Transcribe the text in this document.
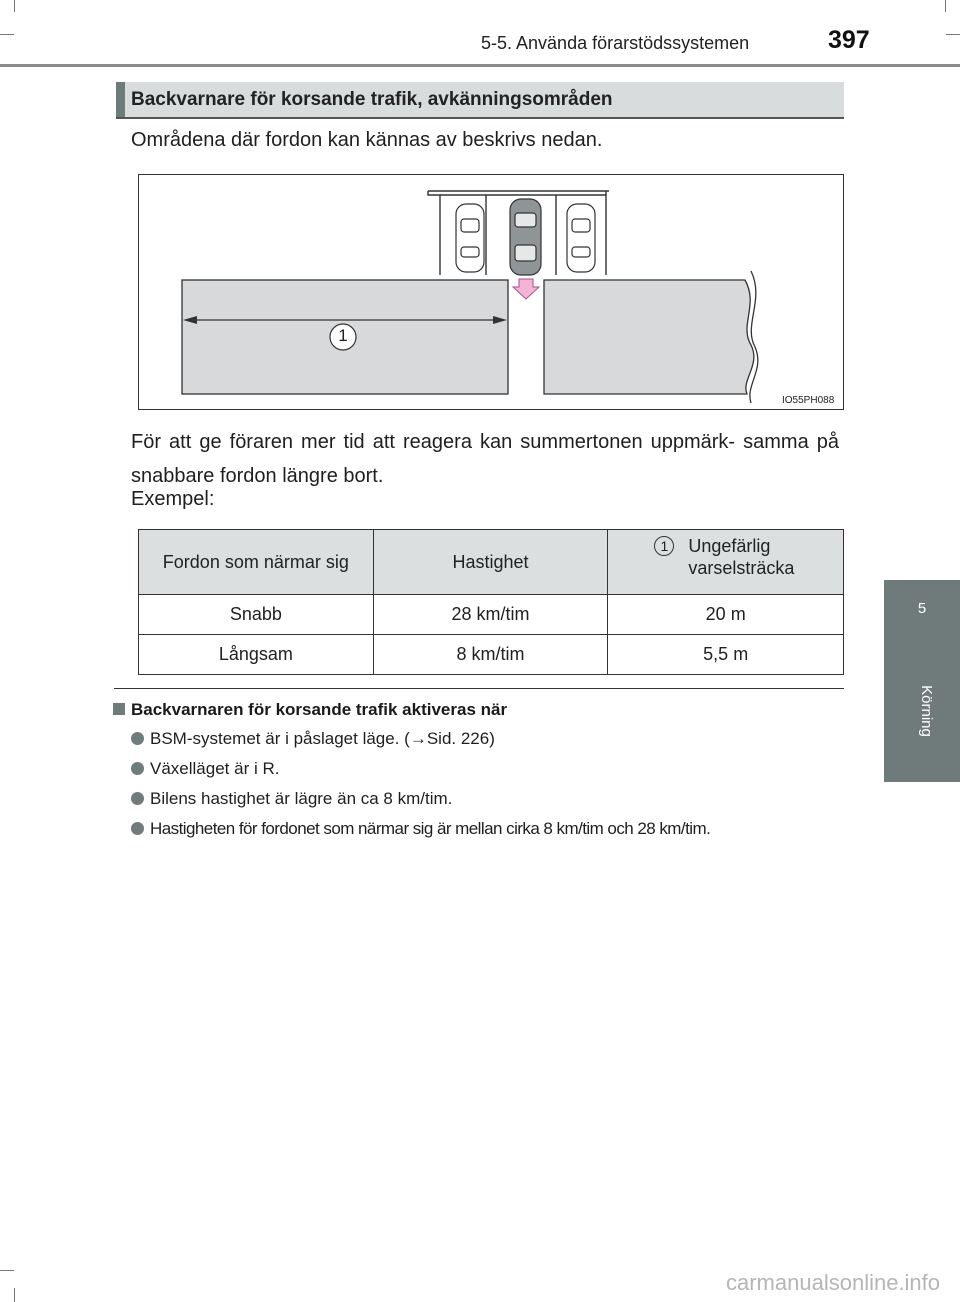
5-5. Använda förarstödssystemen	397
5
Körning
Backvarnare för korsande trafik, avkänningsområden
Områdena där fordon kan kännas av beskrivs nedan.
1
IO55PH088
För att ge föraren mer tid att reagera kan summertonen uppmärk- samma på snabbare fordon längre bort.
Exempel:
Fordon som närmar sig	Hastighet	1 Ungefärlig
varselsträcka

Snabb	28 km/tim	20 m
Långsam	8 km/tim	5,5 m
Backvarnaren för korsande trafik aktiveras när
BSM-systemet är i påslaget läge. (→Sid. 226)
Växelläget är i R.
Bilens hastighet är lägre än ca 8 km/tim.
Hastigheten för fordonet som närmar sig är mellan cirka 8 km/tim och 28 km/tim.
carmanualsonline.info
